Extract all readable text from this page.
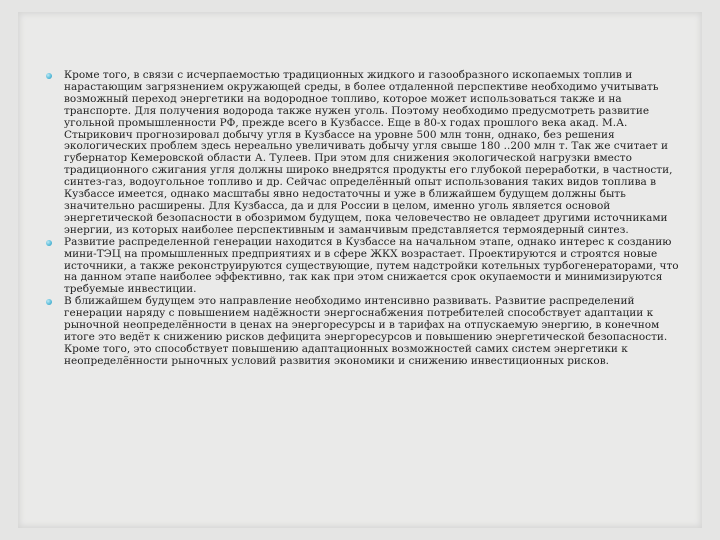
Кроме того, в связи с исчерпаемостью традиционных жидкого и газообразного ископаемых топлив и нарастающим загрязнением окружающей среды, в более отдаленной перспективе необходимо учитывать возможный переход энергетики на водородное топливо, которое может использоваться также и на транспорте. Для получения водорода также нужен уголь. Поэтому необходимо предусмотреть развитие угольной промышленности РФ, прежде всего в Кузбассе. Еще в 80-х годах прошлого века акад. М.А. Стырикович прогнозировал добычу угля в Кузбассе на уровне 500 млн тонн, однако, без решения экологических проблем здесь нереально увеличивать добычу угля свыше 180 ..200 млн т. Так же считает и губернатор Кемеровской области А. Тулеев. При этом для снижения экологической нагрузки вместо традиционного сжигания угля должны широко внедрятся продукты его глубокой переработки, в частности, синтез-газ, водоугольное топливо и др. Сейчас определённый опыт использования таких видов топлива в Кузбассе имеется, однако масштабы явно недостаточны и уже в ближайшем будущем должны быть значительно расширены. Для Кузбасса, да и для России в целом, именно уголь является основой энергетической безопасности в обозримом будущем, пока человечество не овладеет другими источниками энергии, из которых наиболее перспективным и заманчивым представляется термоядерный синтез.
Развитие распределенной генерации находится в Кузбассе на начальном этапе, однако интерес к созданию мини-ТЭЦ на промышленных предприятиях и в сфере ЖКХ возрастает. Проектируются и строятся новые источники, а также реконструируются существующие, путем надстройки котельных турбогенераторами, что на данном этапе наиболее эффективно, так как при этом снижается срок окупаемости и минимизируются требуемые инвестиции.
В ближайшем будущем это направление необходимо интенсивно развивать. Развитие распределений генерации наряду с повышением надёжности энергоснабжения потребителей способствует адаптации к рыночной неопределённости в ценах на энергоресурсы и в тарифах на отпускаемую энергию, в конечном итоге это ведёт к снижению рисков дефицита энергоресурсов и повышению энергетической безопасности. Кроме того, это способствует повышению адаптационных возможностей самих систем энергетики к неопределённости рыночных условий развития экономики и снижению инвестиционных рисков.
